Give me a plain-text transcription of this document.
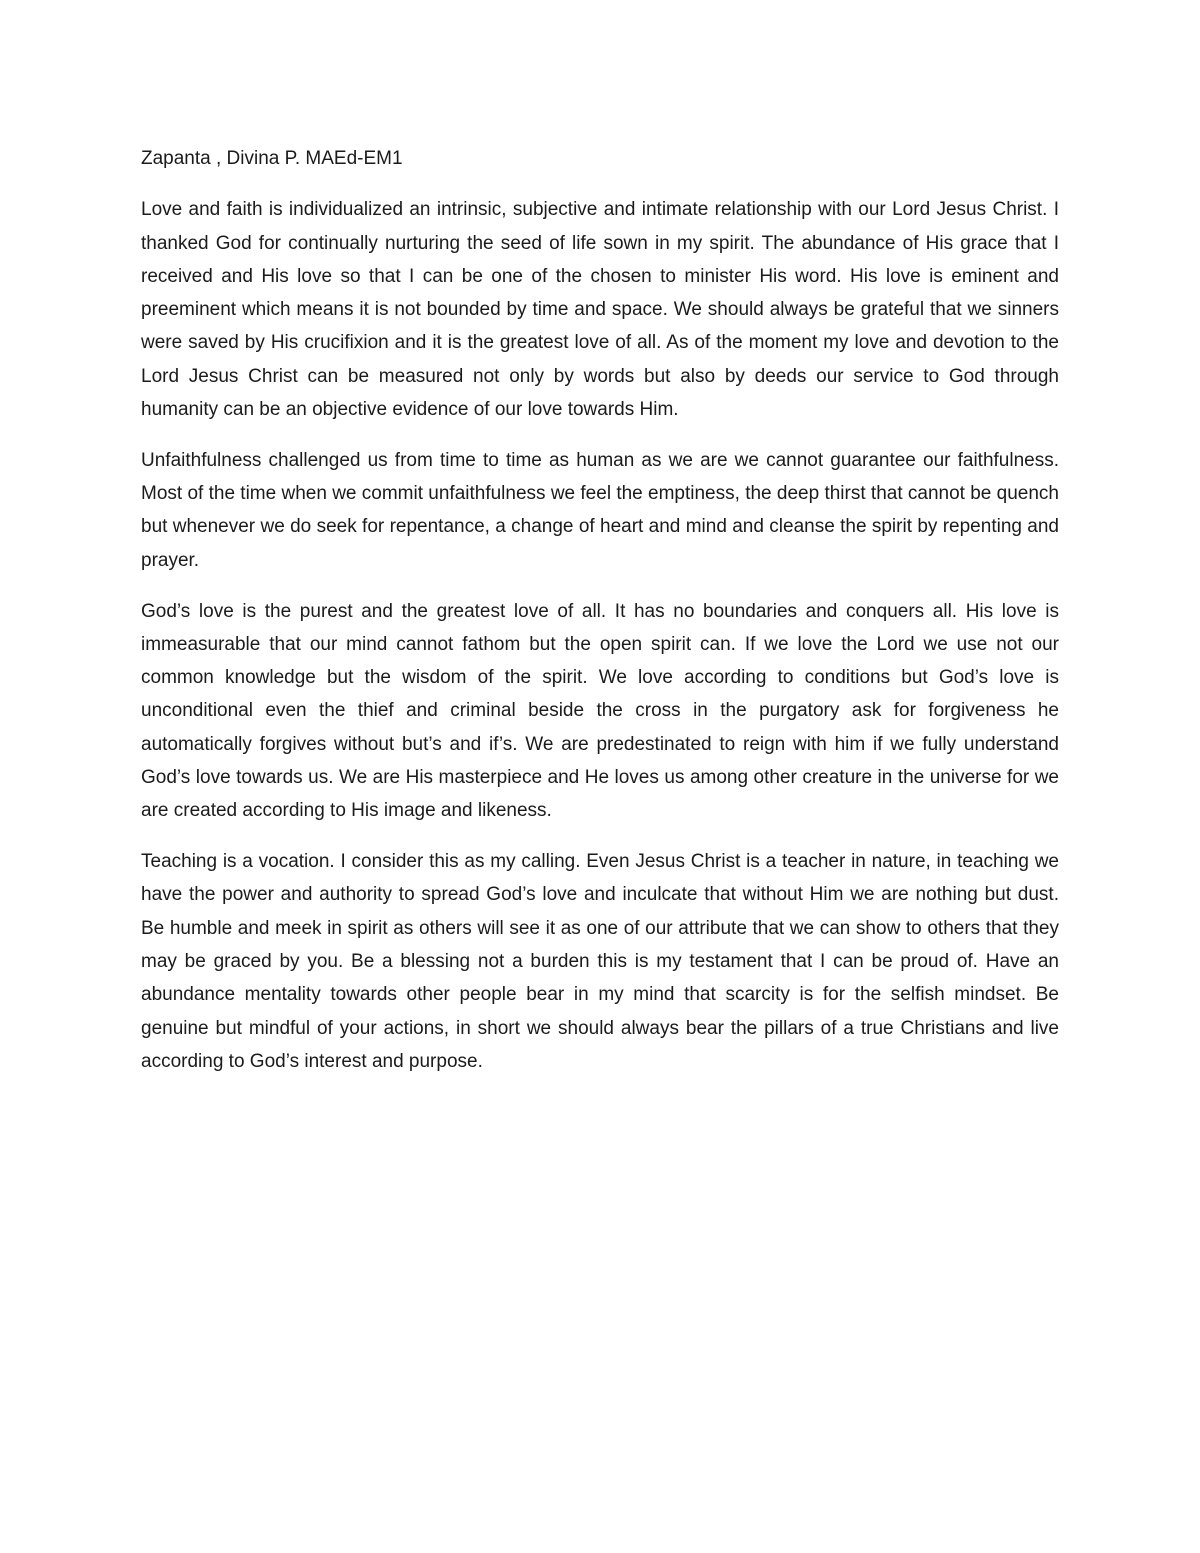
Zapanta , Divina P. MAEd-EM1

Love and faith is individualized an intrinsic, subjective and intimate relationship with our Lord Jesus Christ. I thanked God for continually nurturing the seed of life sown in my spirit. The abundance of His grace that I received and His love so that I can be one of the chosen to minister His word. His love is eminent and preeminent which means it is not bounded by time and space. We should always be grateful that we sinners were saved by His crucifixion and it is the greatest love of all. As of the moment my love and devotion to the Lord Jesus Christ can be measured not only by words but also by deeds our service to God through humanity can be an objective evidence of our love towards Him.

Unfaithfulness challenged us from time to time as human as we are we cannot guarantee our faithfulness. Most of the time when we commit unfaithfulness we feel the emptiness, the deep thirst that cannot be quench but whenever we do seek for repentance, a change of heart and mind and cleanse the spirit by repenting and prayer.

God’s love is the purest and the greatest love of all. It has no boundaries and conquers all. His love is immeasurable that our mind cannot fathom but the open spirit can. If we love the Lord we use not our common knowledge but the wisdom of the spirit. We love according to conditions but God’s love is unconditional even the thief and criminal beside the cross in the purgatory ask for forgiveness he automatically forgives without but’s and if’s. We are predestinated to reign with him if we fully understand God’s love towards us. We are His masterpiece and He loves us among other creature in the universe for we are created according to His image and likeness.

Teaching is a vocation. I consider this as my calling. Even Jesus Christ is a teacher in nature, in teaching we have the power and authority to spread God’s love and inculcate that without Him we are nothing but dust. Be humble and meek in spirit as others will see it as one of our attribute that we can show to others that they may be graced by you. Be a blessing not a burden this is my testament that I can be proud of. Have an abundance mentality towards other people bear in my mind that scarcity is for the selfish mindset. Be genuine but mindful of your actions, in short we should always bear the pillars of a true Christians and live according to God’s interest and purpose.
